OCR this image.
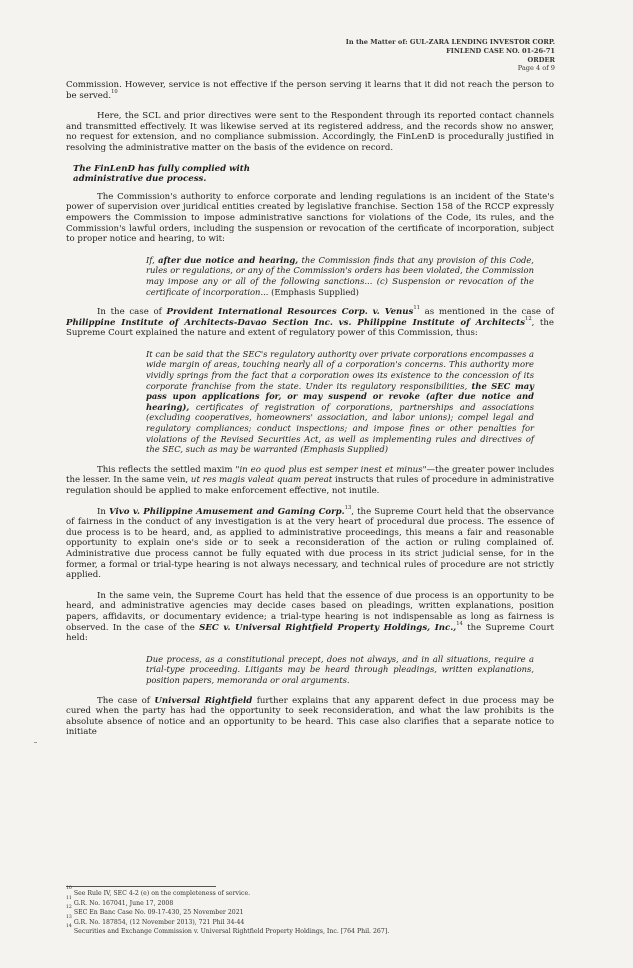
In the Matter of: GUL-ZARA LENDING INVESTOR CORP.
FINLEND CASE NO. 01-26-71
ORDER
Page 4 of 9

Commission. However, service is not effective if the person serving it learns that it did not reach the person to be served.$^{10}$

Here, the SCL and prior directives were sent to the Respondent through its reported contact channels and transmitted effectively. It was likewise served at its registered address, and the records show no answer, no request for extension, and no compliance submission. Accordingly, the FinLenD is procedurally justified in resolving the administrative matter on the basis of the evidence on record.

The FinLenD has fully complied with
administrative due process.

The Commission's authority to enforce corporate and lending regulations is an incident of the State's power of supervision over juridical entities created by legislative franchise. Section 158 of the RCCP expressly empowers the Commission to impose administrative sanctions for violations of the Code, its rules, and the Commission's lawful orders, including the suspension or revocation of the certificate of incorporation, subject to proper notice and hearing, to wit:

If, after due notice and hearing, the Commission finds that any provision of this Code, rules or regulations, or any of the Commission's orders has been violated, the Commission may impose any or all of the following sanctions... (c) Suspension or revocation of the certificate of incorporation... (Emphasis Supplied)

In the case of Provident International Resources Corp. v. Venus$^{11}$ as mentioned in the case of Philippine Institute of Architects-Davao Section Inc. vs. Philippine Institute of Architects$^{12}$, the Supreme Court explained the nature and extent of regulatory power of this Commission, thus:

It can be said that the SEC's regulatory authority over private corporations encompasses a wide margin of areas, touching nearly all of a corporation's concerns. This authority more vividly springs from the fact that a corporation owes its existence to the concession of its corporate franchise from the state. Under its regulatory responsibilities, the SEC may pass upon applications for, or may suspend or revoke (after due notice and hearing), certificates of registration of corporations, partnerships and associations (excluding cooperatives, homeowners' association, and labor unions); compel legal and regulatory compliances; conduct inspections; and impose fines or other penalties for violations of the Revised Securities Act, as well as implementing rules and directives of the SEC, such as may be warranted (Emphasis Supplied)

This reflects the settled maxim "in eo quod plus est semper inest et minus"—the greater power includes the lesser. In the same vein, ut res magis valeat quam pereat instructs that rules of procedure in administrative regulation should be applied to make enforcement effective, not inutile.

In Vivo v. Philippine Amusement and Gaming Corp.$^{13}$, the Supreme Court held that the observance of fairness in the conduct of any investigation is at the very heart of procedural due process. The essence of due process is to be heard, and, as applied to administrative proceedings, this means a fair and reasonable opportunity to explain one's side or to seek a reconsideration of the action or ruling complained of. Administrative due process cannot be fully equated with due process in its strict judicial sense, for in the former, a formal or trial-type hearing is not always necessary, and technical rules of procedure are not strictly applied.

In the same vein, the Supreme Court has held that the essence of due process is an opportunity to be heard, and administrative agencies may decide cases based on pleadings, written explanations, position papers, affidavits, or documentary evidence; a trial-type hearing is not indispensable as long as fairness is observed. In the case of the SEC v. Universal Rightfield Property Holdings, Inc.,$^{14}$ the Supreme Court held:

Due process, as a constitutional precept, does not always, and in all situations, require a trial-type proceeding. Litigants may be heard through pleadings, written explanations, position papers, memoranda or oral arguments.

The case of Universal Rightfield further explains that any apparent defect in due process may be cured when the party has had the opportunity to seek reconsideration, and what the law prohibits is the absolute absence of notice and an opportunity to be heard. This case also clarifies that a separate notice to initiate

$^{10}$ See Rule IV, SEC 4-2 (e) on the completeness of service.
$^{11}$ G.R. No. 167041, June 17, 2008
$^{12}$ SEC En Banc Case No. 09-17-430, 25 November 2021
$^{13}$ G.R. No. 187854, (12 November 2013), 721 Phil 34-44
$^{14}$ Securities and Exchange Commission v. Universal Rightfield Property Holdings, Inc. [764 Phil. 267].
